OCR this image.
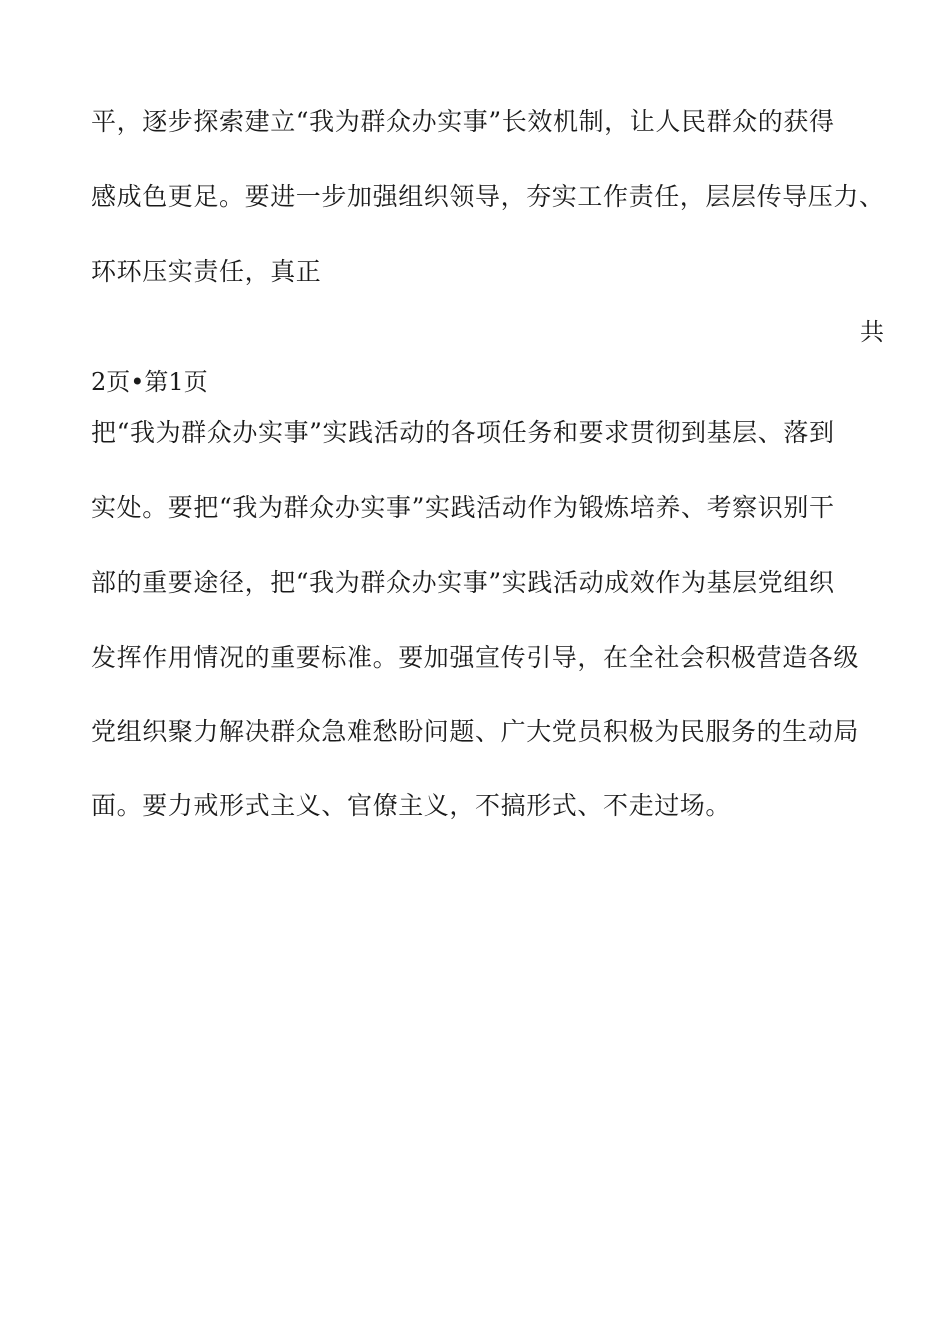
平，逐步探索建立“我为群众办实事”长效机制，让人民群众的获得
感成色更足。要进一步加强组织领导，夯实工作责任，层层传导压力、
环环压实责任，真正
共
2页•第1页
把“我为群众办实事”实践活动的各项任务和要求贯彻到基层、落到
实处。要把“我为群众办实事”实践活动作为锻炼培养、考察识别干
部的重要途径，把“我为群众办实事”实践活动成效作为基层党组织
发挥作用情况的重要标准。要加强宣传引导，在全社会积极营造各级
党组织聚力解决群众急难愁盼问题、广大党员积极为民服务的生动局
面。要力戒形式主义、官僚主义，不搞形式、不走过场。
